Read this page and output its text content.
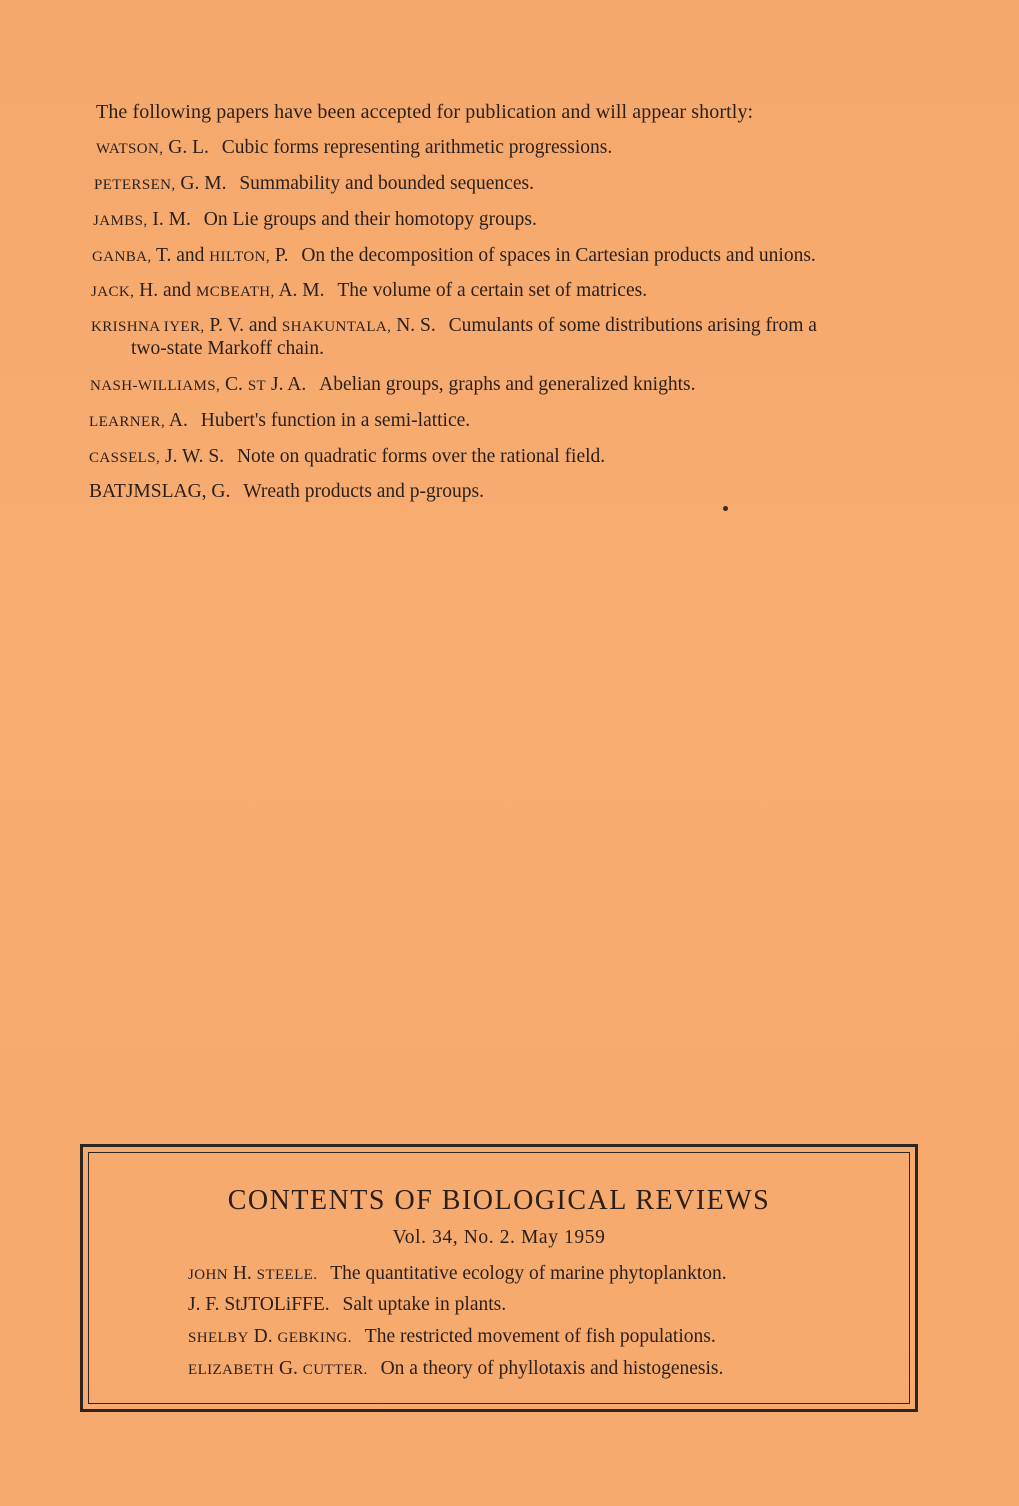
The following papers have been accepted for publication and will appear shortly:
WATSON, G. L. Cubic forms representing arithmetic progressions.
PETERSEN, G. M. Summability and bounded sequences.
JAMBS, I. M. On Lie groups and their homotopy groups.
GANBA, T. and HILTON, P. On the decomposition of spaces in Cartesian products and unions.
JACK, H. and MCBEATH, A. M. The volume of a certain set of matrices.
KRISHNA IYER, P. V. and SHAKUNTALA, N. S. Cumulants of some distributions arising from a
two-state Markoff chain.
NASH-WILLIAMS, C. ST J. A. Abelian groups, graphs and generalized knights.
LEARNER, A. Hubert's function in a semi-lattice.
CASSELS, J. W. S. Note on quadratic forms over the rational field.
BATJMSLAG, G. Wreath products and p-groups.
CONTENTS OF BIOLOGICAL REVIEWS
Vol. 34, No. 2. May 1959
JOHN H. STEELE. The quantitative ecology of marine phytoplankton.
J. F. StJTOLiFFE. Salt uptake in plants.
SHELBY D. GEBKING. The restricted movement of fish populations.
ELIZABETH G. CUTTER. On a theory of phyllotaxis and histogenesis.
